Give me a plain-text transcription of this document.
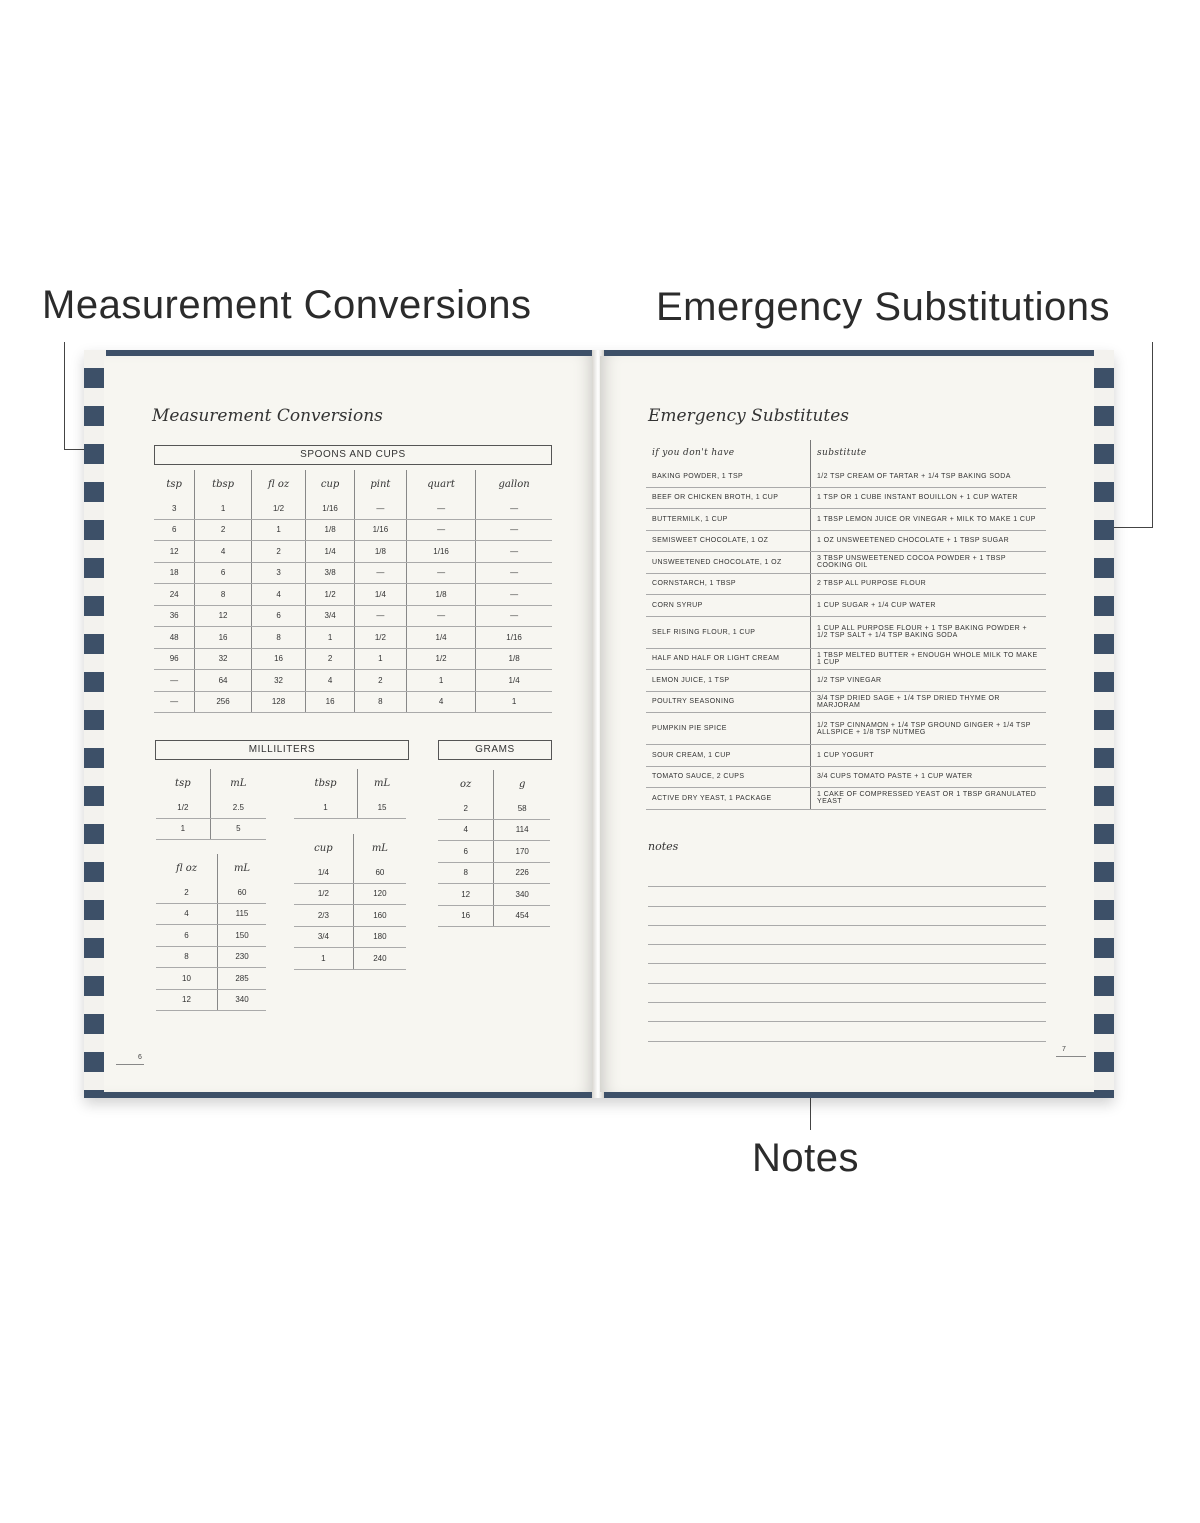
Measurement Conversions	Emergency Substitutions
Notes
Measurement Conversions
SPOONS AND CUPS
tsp	tbsp	fl oz	cup	pint	quart	gallon
3	1	1/2	1/16	—	—	—
6	2	1	1/8	1/16	—	—
12	4	2	1/4	1/8	1/16	—
18	6	3	3/8	—	—	—
24	8	4	1/2	1/4	1/8	—
36	12	6	3/4	—	—	—
48	16	8	1	1/2	1/4	1/16
96	32	16	2	1	1/2	1/8
—	64	32	4	2	1	1/4
—	256	128	16	8	4	1
MILLILITERS	GRAMS
tsp	mL
1/2	2.5
1	5
tbsp	mL
1	15
fl oz	mL
2	60
4	115
6	150
8	230
10	285
12	340
cup	mL
1/4	60
1/2	120
2/3	160
3/4	180
1	240
oz	g
2	58
4	114
6	170
8	226
12	340
16	454
6
Emergency Substitutes
if you don't have	substitute
BAKING POWDER, 1 TSP	1/2 TSP CREAM OF TARTAR + 1/4 TSP BAKING SODA
BEEF OR CHICKEN BROTH, 1 CUP	1 TSP OR 1 CUBE INSTANT BOUILLON + 1 CUP WATER
BUTTERMILK, 1 CUP	1 TBSP LEMON JUICE OR VINEGAR + MILK TO MAKE 1 CUP
SEMISWEET CHOCOLATE, 1 OZ	1 OZ UNSWEETENED CHOCOLATE + 1 TBSP SUGAR
UNSWEETENED CHOCOLATE, 1 OZ	3 TBSP UNSWEETENED COCOA POWDER + 1 TBSP COOKING OIL
CORNSTARCH, 1 TBSP	2 TBSP ALL PURPOSE FLOUR
CORN SYRUP	1 CUP SUGAR + 1/4 CUP WATER
SELF RISING FLOUR, 1 CUP	1 CUP ALL PURPOSE FLOUR + 1 TSP BAKING POWDER + 1/2 TSP SALT + 1/4 TSP BAKING SODA
HALF AND HALF OR LIGHT CREAM	1 TBSP MELTED BUTTER + ENOUGH WHOLE MILK TO MAKE 1 CUP
LEMON JUICE, 1 TSP	1/2 TSP VINEGAR
POULTRY SEASONING	3/4 TSP DRIED SAGE + 1/4 TSP DRIED THYME OR MARJORAM
PUMPKIN PIE SPICE	1/2 TSP CINNAMON + 1/4 TSP GROUND GINGER + 1/4 TSP ALLSPICE + 1/8 TSP NUTMEG
SOUR CREAM, 1 CUP	1 CUP YOGURT
TOMATO SAUCE, 2 CUPS	3/4 CUPS TOMATO PASTE + 1 CUP WATER
ACTIVE DRY YEAST, 1 PACKAGE	1 CAKE OF COMPRESSED YEAST OR 1 TBSP GRANULATED YEAST
notes
7
